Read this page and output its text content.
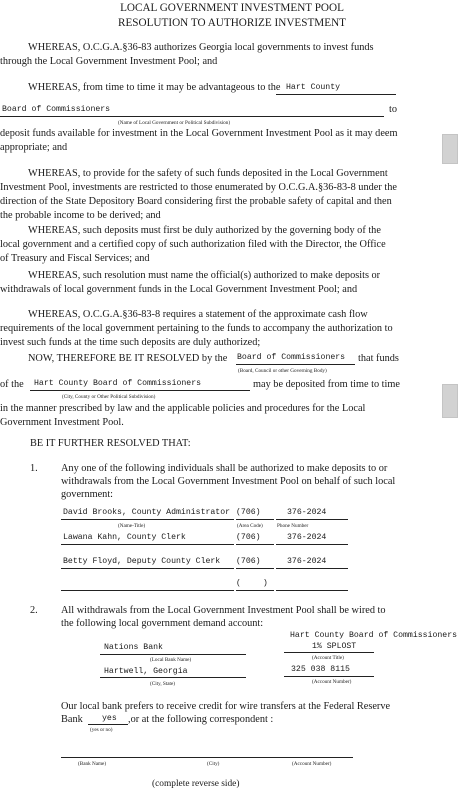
LOCAL GOVERNMENT INVESTMENT POOL
RESOLUTION TO AUTHORIZE INVESTMENT
WHEREAS, O.C.G.A.§36-83 authorizes Georgia local governments to invest funds
through the Local Government Investment Pool; and
WHEREAS, from time to time it may be advantageous to the Hart County
Board of Commissioners	to
(Name of Local Government or Political Subdivision)
deposit funds available for investment in the Local Government Investment Pool as it may deem
appropriate; and
WHEREAS, to provide for the safety of such funds deposited in the Local Government
Investment Pool, investments are restricted to those enumerated by O.C.G.A.§36-83-8 under the
direction of the State Depository Board considering first the probable safety of capital and then
the probable income to be derived; and
WHEREAS, such deposits must first be duly authorized by the governing body of the
local government and a certified copy of such authorization filed with the Director, the Office
of Treasury and Fiscal Services; and
WHEREAS, such resolution must name the official(s) authorized to make deposits or
withdrawals of local government funds in the Local Government Investment Pool; and
WHEREAS, O.C.G.A.§36-83-8 requires a statement of the approximate cash flow
requirements of the local government pertaining to the funds to accompany the authorization to
invest such funds at the time such deposits are duly authorized;
NOW, THEREFORE BE IT RESOLVED by the Board of Commissioners that funds
(Board, Council or other Governing Body)
of the Hart County Board of Commissioners	may be deposited from time to time
(City, County or Other Political Subdivision)
in the manner prescribed by law and the applicable policies and procedures for the Local
Government Investment Pool.
BE IT FURTHER RESOLVED THAT:
1. Any one of the following individuals shall be authorized to make deposits to or
withdrawals from the Local Government Investment Pool on behalf of such local
government:
David Brooks, County Administrator (706)	376-2024
(Name-Title)	(Area Code)	Phone Number
Lawana Kahn, County Clerk	(706)	376-2024
Betty Floyd, Deputy County Clerk (706)	376-2024
(	)
2. All withdrawals from the Local Government Investment Pool shall be wired to
the following local government demand account:
Hart County Board of Commissioners
Nations Bank
(Local Bank Name)
1% SPLOST
(Account Title)
Hartwell, Georgia
(City, State)
325 038 8115
(Account Number)
Our local bank prefers to receive credit for wire transfers at the Federal Reserve
Bank yes ,or at the following correspondent :
(yes or no)
(Bank Name)	(City)	(Account Number)
(complete reverse side)
